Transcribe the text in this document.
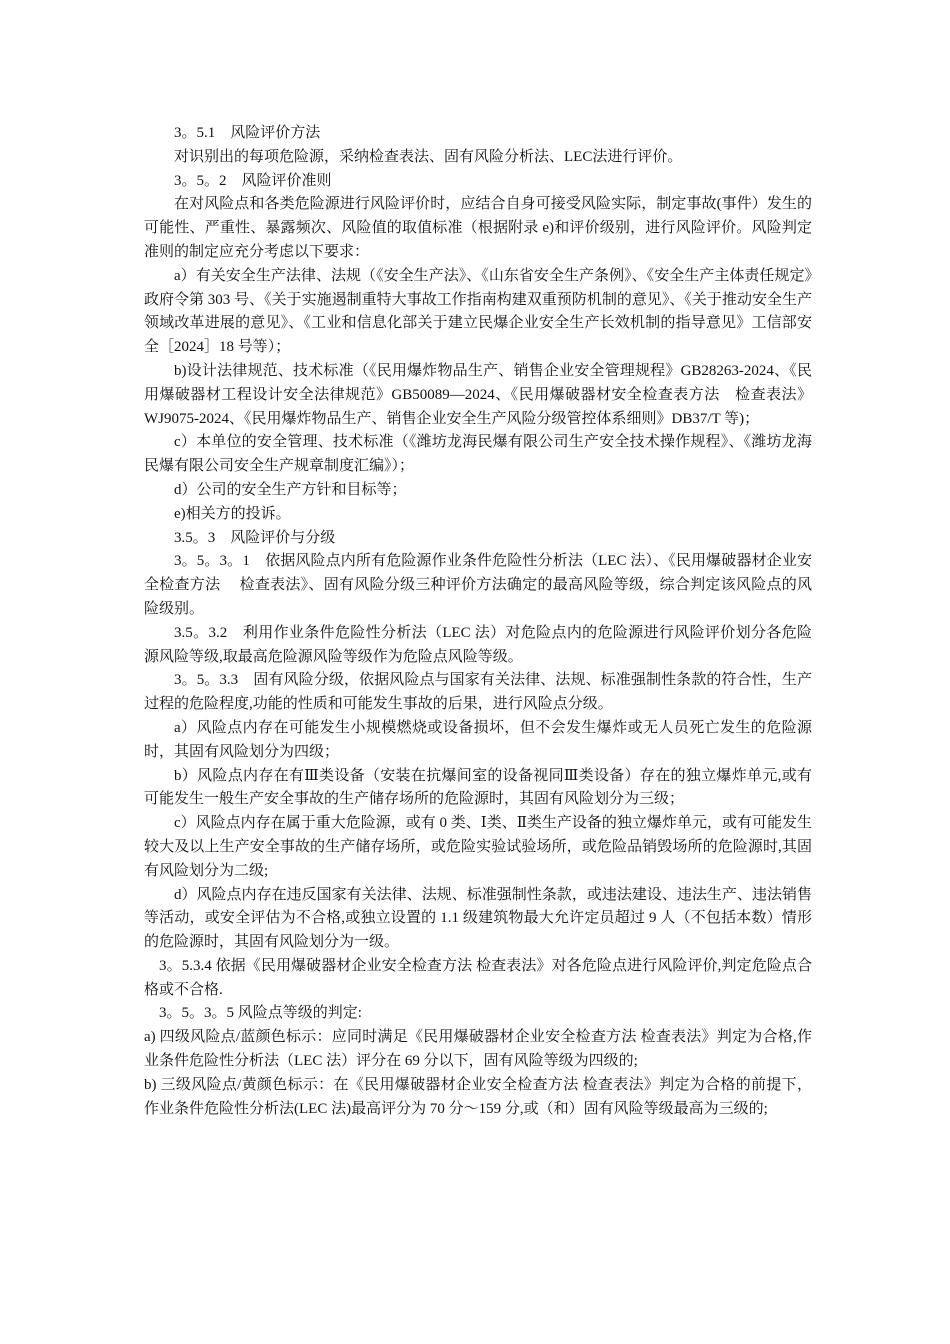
3。5.1　风险评价方法

对识别出的每项危险源，采纳检查表法、固有风险分析法、LEC法进行评价。

3。5。2　风险评价准则

在对风险点和各类危险源进行风险评价时，应结合自身可接受风险实际，制定事故(事件）发生的可能性、严重性、暴露频次、风险值的取值标准（根据附录 e)和评价级别，进行风险评价。风险判定准则的制定应充分考虑以下要求：

a）有关安全生产法律、法规（《安全生产法》、《山东省安全生产条例》、《安全生产主体责任规定》政府令第 303 号、《关于实施遏制重特大事故工作指南构建双重预防机制的意见》、《关于推动安全生产领域改革进展的意见》、《工业和信息化部关于建立民爆企业安全生产长效机制的指导意见》工信部安全［2024］18 号等）；

b)设计法律规范、技术标准（《民用爆炸物品生产、销售企业安全管理规程》GB28263-2024、《民用爆破器材工程设计安全法律规范》GB50089—2024、《民用爆破器材安全检查表方法　检查表法》WJ9075-2024、《民用爆炸物品生产、销售企业安全生产风险分级管控体系细则》DB37/T 等)；

c）本单位的安全管理、技术标准（《潍坊龙海民爆有限公司生产安全技术操作规程》、《潍坊龙海民爆有限公司安全生产规章制度汇编》）；

d）公司的安全生产方针和目标等；

e)相关方的投诉。

3.5。3　风险评价与分级

3。5。3。1　依据风险点内所有危险源作业条件危险性分析法（LEC 法）、《民用爆破器材企业安全检查方法　 检查表法》、固有风险分级三种评价方法确定的最高风险等级，综合判定该风险点的风险级别。

3.5。3.2　利用作业条件危险性分析法（LEC 法）对危险点内的危险源进行风险评价划分各危险源风险等级,取最高危险源风险等级作为危险点风险等级。

3。5。3.3　固有风险分级，依据风险点与国家有关法律、法规、标准强制性条款的符合性，生产过程的危险程度,功能的性质和可能发生事故的后果，进行风险点分级。

a）风险点内存在可能发生小规模燃烧或设备损坏，但不会发生爆炸或无人员死亡发生的危险源时，其固有风险划分为四级；

b）风险点内存在有Ⅲ类设备（安装在抗爆间室的设备视同Ⅲ类设备）存在的独立爆炸单元,或有可能发生一般生产安全事故的生产储存场所的危险源时，其固有风险划分为三级；

c）风险点内存在属于重大危险源，或有 0 类、Ⅰ类、Ⅱ类生产设备的独立爆炸单元，或有可能发生较大及以上生产安全事故的生产储存场所，或危险实验试验场所，或危险品销毁场所的危险源时,其固有风险划分为二级;

d）风险点内存在违反国家有关法律、法规、标准强制性条款，或违法建设、违法生产、违法销售等活动，或安全评估为不合格,或独立设置的 1.1 级建筑物最大允许定员超过 9 人（不包括本数）情形的危险源时，其固有风险划分为一级。

3。5.3.4 依据《民用爆破器材企业安全检查方法 检查表法》对各危险点进行风险评价,判定危险点合格或不合格.

3。5。3。5 风险点等级的判定:

a) 四级风险点/蓝颜色标示：应同时满足《民用爆破器材企业安全检查方法 检查表法》判定为合格,作业条件危险性分析法（LEC 法）评分在 69 分以下，固有风险等级为四级的;

b) 三级风险点/黄颜色标示：在《民用爆破器材企业安全检查方法 检查表法》判定为合格的前提下，作业条件危险性分析法(LEC 法)最高评分为 70 分～159 分,或（和）固有风险等级最高为三级的;
